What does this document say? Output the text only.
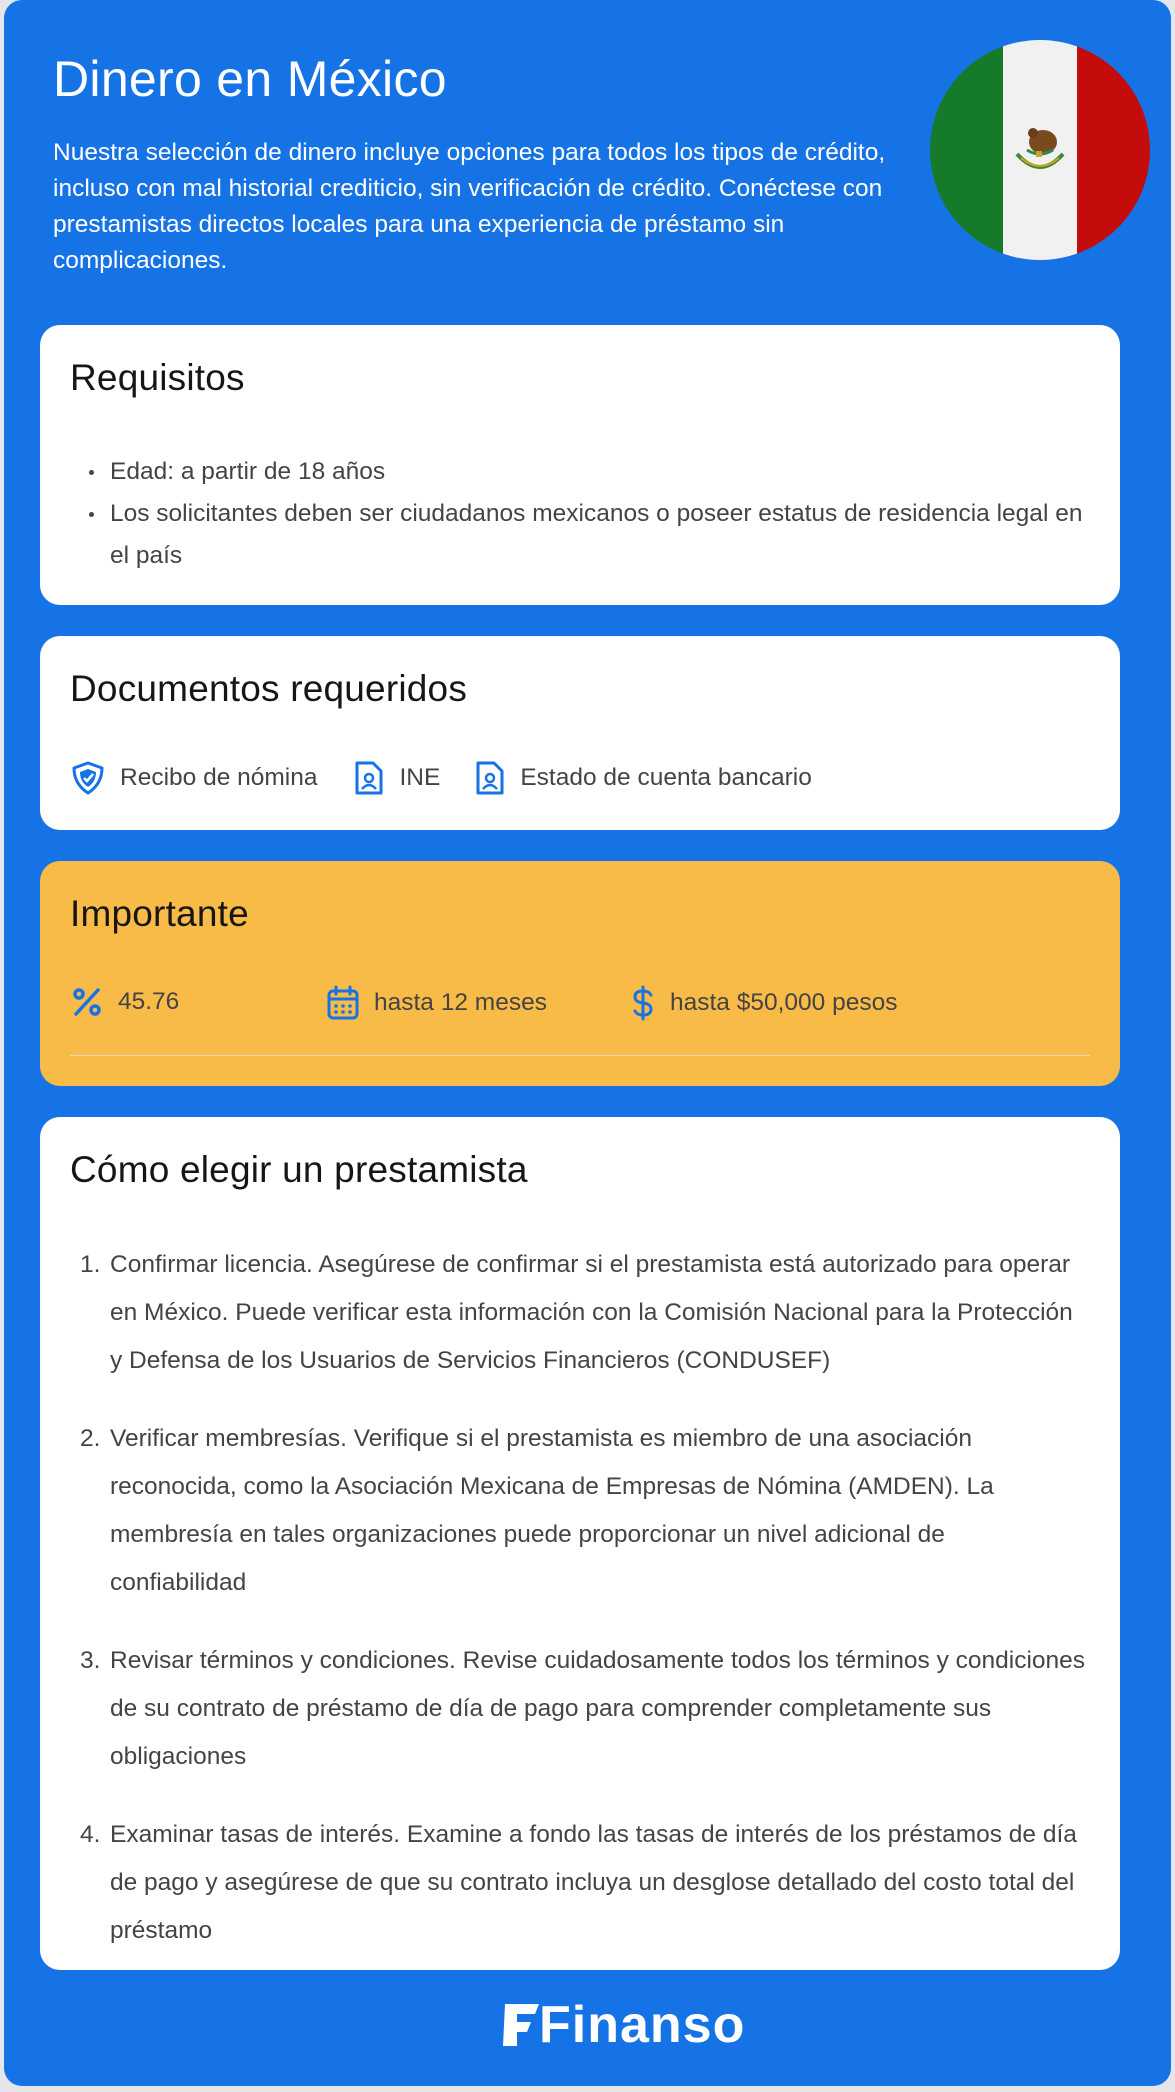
Dinero en México

Nuestra selección de dinero incluye opciones para todos los tipos de crédito, incluso con mal historial crediticio, sin verificación de crédito. Conéctese con prestamistas directos locales para una experiencia de préstamo sin complicaciones.

Requisitos
Edad: a partir de 18 años
Los solicitantes deben ser ciudadanos mexicanos o poseer estatus de residencia legal en el país
Documentos requeridos
Recibo de nómina	INE	Estado de cuenta bancario
Importante
45.76	hasta 12 meses	hasta $50,000 pesos
Cómo elegir un prestamista
1. Confirmar licencia. Asegúrese de confirmar si el prestamista está autorizado para operar en México. Puede verificar esta información con la Comisión Nacional para la Protección y Defensa de los Usuarios de Servicios Financieros (CONDUSEF)
2. Verificar membresías. Verifique si el prestamista es miembro de una asociación reconocida, como la Asociación Mexicana de Empresas de Nómina (AMDEN). La membresía en tales organizaciones puede proporcionar un nivel adicional de confiabilidad
3. Revisar términos y condiciones. Revise cuidadosamente todos los términos y condiciones de su contrato de préstamo de día de pago para comprender completamente sus obligaciones
4. Examinar tasas de interés. Examine a fondo las tasas de interés de los préstamos de día de pago y asegúrese de que su contrato incluya un desglose detallado del costo total del préstamo
Finanso
